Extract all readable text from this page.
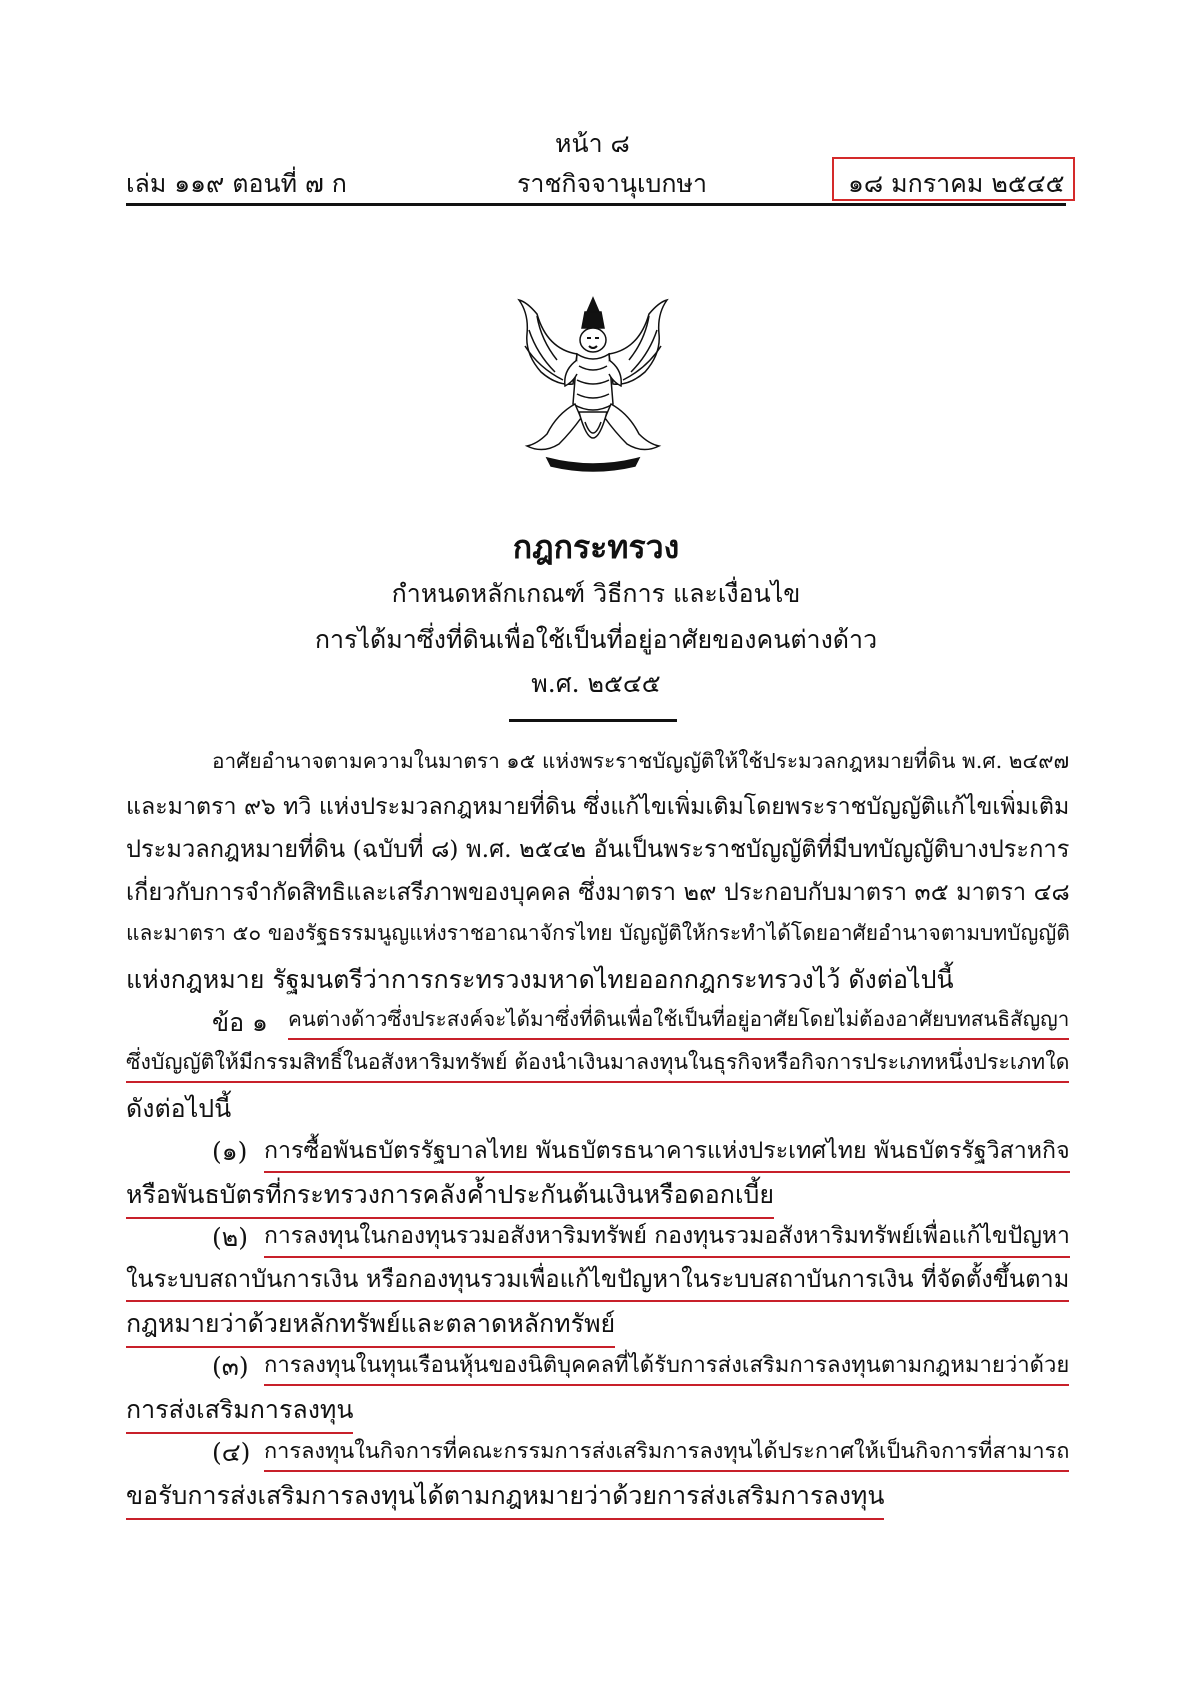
หน้า ๘
เล่ม ๑๑๙ ตอนที่ ๗ ก	ราชกิจจานุเบกษา	๑๘ มกราคม ๒๕๔๕
กฎกระทรวง
กำหนดหลักเกณฑ์ วิธีการ และเงื่อนไข
การได้มาซึ่งที่ดินเพื่อใช้เป็นที่อยู่อาศัยของคนต่างด้าว
พ.ศ. ๒๕๔๕
อาศัยอำนาจตามความในมาตรา ๑๕ แห่งพระราชบัญญัติให้ใช้ประมวลกฎหมายที่ดิน พ.ศ. ๒๔๙๗
และมาตรา ๙๖ ทวิ แห่งประมวลกฎหมายที่ดิน ซึ่งแก้ไขเพิ่มเติมโดยพระราชบัญญัติแก้ไขเพิ่มเติม
ประมวลกฎหมายที่ดิน (ฉบับที่ ๘) พ.ศ. ๒๕๔๒ อันเป็นพระราชบัญญัติที่มีบทบัญญัติบางประการ
เกี่ยวกับการจำกัดสิทธิและเสรีภาพของบุคคล ซึ่งมาตรา ๒๙ ประกอบกับมาตรา ๓๕ มาตรา ๔๘
และมาตรา ๕๐ ของรัฐธรรมนูญแห่งราชอาณาจักรไทย บัญญัติให้กระทำได้โดยอาศัยอำนาจตามบทบัญญัติ
แห่งกฎหมาย รัฐมนตรีว่าการกระทรวงมหาดไทยออกกฎกระทรวงไว้ ดังต่อไปนี้
ข้อ ๑ คนต่างด้าวซึ่งประสงค์จะได้มาซึ่งที่ดินเพื่อใช้เป็นที่อยู่อาศัยโดยไม่ต้องอาศัยบทสนธิสัญญา
ซึ่งบัญญัติให้มีกรรมสิทธิ์ในอสังหาริมทรัพย์ ต้องนำเงินมาลงทุนในธุรกิจหรือกิจการประเภทหนึ่งประเภทใด
ดังต่อไปนี้
(๑) การซื้อพันธบัตรรัฐบาลไทย พันธบัตรธนาคารแห่งประเทศไทย พันธบัตรรัฐวิสาหกิจ
หรือพันธบัตรที่กระทรวงการคลังค้ำประกันต้นเงินหรือดอกเบี้ย
(๒) การลงทุนในกองทุนรวมอสังหาริมทรัพย์ กองทุนรวมอสังหาริมทรัพย์เพื่อแก้ไขปัญหา
ในระบบสถาบันการเงิน หรือกองทุนรวมเพื่อแก้ไขปัญหาในระบบสถาบันการเงิน ที่จัดตั้งขึ้นตาม
กฎหมายว่าด้วยหลักทรัพย์และตลาดหลักทรัพย์
(๓) การลงทุนในทุนเรือนหุ้นของนิติบุคคลที่ได้รับการส่งเสริมการลงทุนตามกฎหมายว่าด้วย
การส่งเสริมการลงทุน
(๔) การลงทุนในกิจการที่คณะกรรมการส่งเสริมการลงทุนได้ประกาศให้เป็นกิจการที่สามารถ
ขอรับการส่งเสริมการลงทุนได้ตามกฎหมายว่าด้วยการส่งเสริมการลงทุน
